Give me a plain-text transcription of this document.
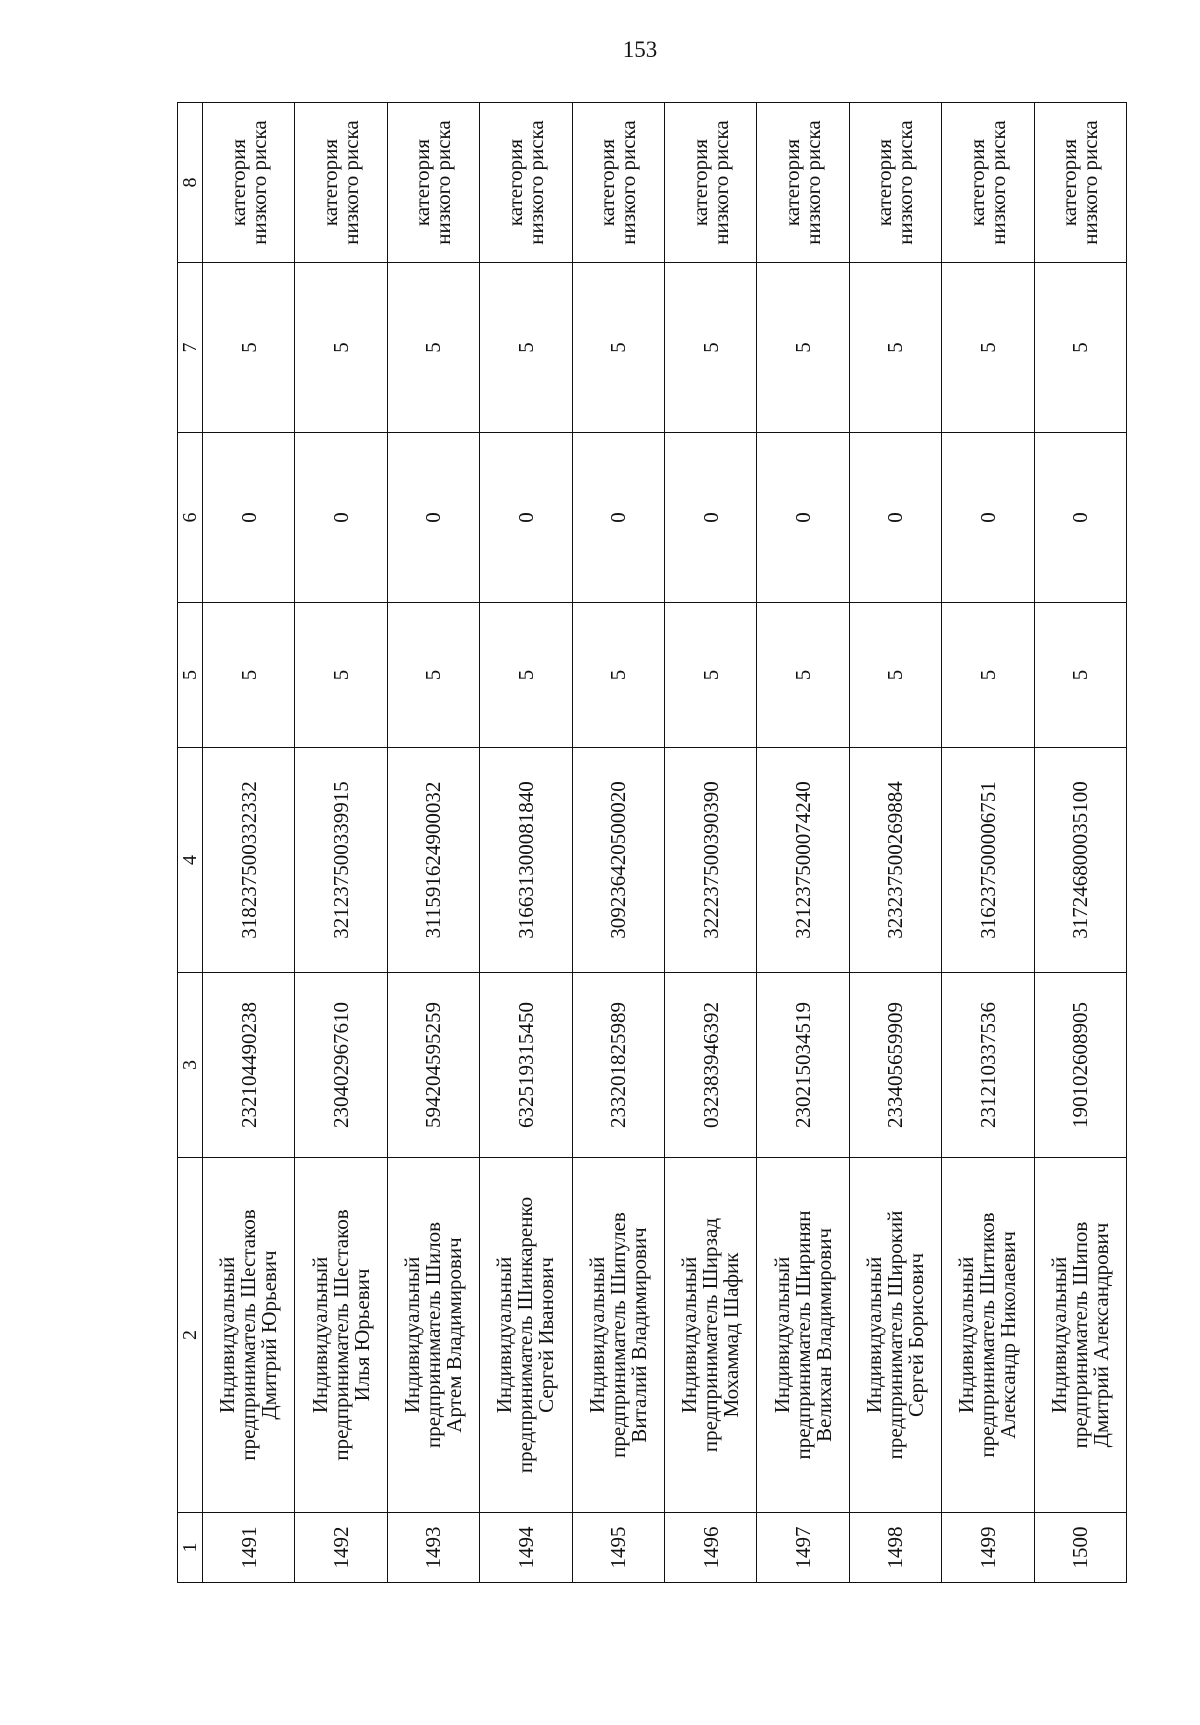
153
1	2	3	4	5	6	7	8
1491	Индивидуальный
предприниматель Шестаков
Дмитрий Юрьевич	232104490238	318237500332332	5	0	5	категория
низкого риска

1492	Индивидуальный
предприниматель Шестаков
Илья Юрьевич	230402967610	321237500339915	5	0	5	категория
низкого риска

1493	Индивидуальный
предприниматель Шилов
Артем Владимирович	594204595259	311591624900032	5	0	5	категория
низкого риска

1494	Индивидуальный
предприниматель Шинкаренко
Сергей Иванович	632519315450	316631300081840	5	0	5	категория
низкого риска

1495	Индивидуальный
предприниматель Шипулев
Виталий Владимирович	233201825989	309236420500020	5	0	5	категория
низкого риска

1496	Индивидуальный
предприниматель Ширзад
Мохаммад Шафик	032383946392	322237500390390	5	0	5	категория
низкого риска

1497	Индивидуальный
предприниматель Ширинян
Велихан Владимирович	230215034519	321237500074240	5	0	5	категория
низкого риска

1498	Индивидуальный
предприниматель Широкий
Сергей Борисович	233405659909	323237500269884	5	0	5	категория
низкого риска

1499	Индивидуальный
предприниматель Шитиков
Александр Николаевич	231210337536	316237500006751	5	0	5	категория
низкого риска

1500	Индивидуальный
предприниматель Шипов
Дмитрий Александрович	190102608905	317246800035100	5	0	5	категория
низкого риска
